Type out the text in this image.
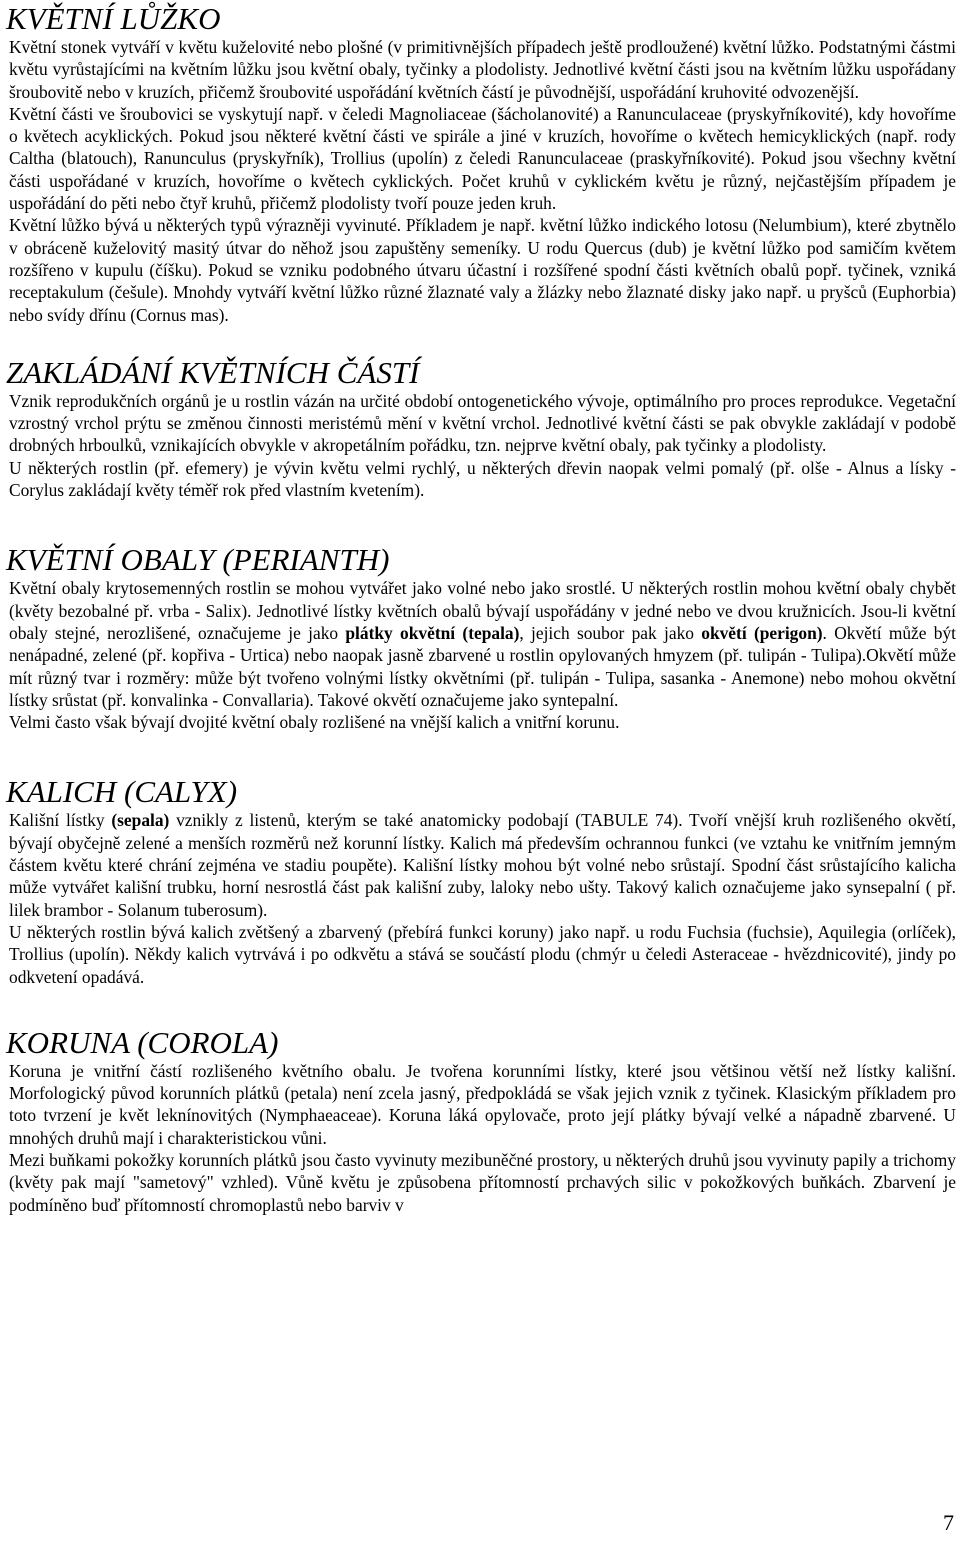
KVĚTNÍ LŮŽKO

Květní stonek vytváří v květu kuželovité nebo plošné (v primitivnějších případech ještě prodloužené) květní lůžko. Podstatnými částmi květu vyrůstajícími na květním lůžku jsou květní obaly, tyčinky a plodolisty. Jednotlivé květní části jsou na květním lůžku uspořádany šroubovitě nebo v kruzích, přičemž šroubovité uspořádání květních částí je původnější, uspořádání kruhovité odvozenější.

Květní části ve šroubovici se vyskytují např. v čeledi Magnoliaceae (šácholanovité) a Ranunculaceae (pryskyřníkovité), kdy hovoříme o květech acyklických. Pokud jsou některé květní části ve spirále a jiné v kruzích, hovoříme o květech hemicyklických (např. rody Caltha (blatouch), Ranunculus (pryskyřník), Trollius (upolín) z čeledi Ranunculaceae (praskyřníkovité). Pokud jsou všechny květní části uspořádané v kruzích, hovoříme o květech cyklických. Počet kruhů v cyklickém květu je různý, nejčastějším případem je uspořádání do pěti nebo čtyř kruhů, přičemž plodolisty tvoří pouze jeden kruh.

Květní lůžko bývá u některých typů výrazněji vyvinuté. Příkladem je např. květní lůžko indického lotosu (Nelumbium), které zbytnělo v obráceně kuželovitý masitý útvar do něhož jsou zapuštěny semeníky. U rodu Quercus (dub) je květní lůžko pod samičím květem rozšířeno v kupulu (číšku). Pokud se vzniku podobného útvaru účastní i rozšířené spodní části květních obalů popř. tyčinek, vzniká receptakulum (češule). Mnohdy vytváří květní lůžko různé žlaznaté valy a žlázky nebo žlaznaté disky jako např. u pryšců (Euphorbia) nebo svídy dřínu (Cornus mas).

ZAKLÁDÁNÍ KVĚTNÍCH ČÁSTÍ

Vznik reprodukčních orgánů je u rostlin vázán na určité období ontogenetického vývoje, optimálního pro proces reprodukce. Vegetační vzrostný vrchol prýtu se změnou činnosti meristémů mění v květní vrchol. Jednotlivé květní části se pak obvykle zakládají v podobě drobných hrboulků, vznikajících obvykle v akropetálním pořádku, tzn. nejprve květní obaly, pak tyčinky a plodolisty.

U některých rostlin (př. efemery) je vývin květu velmi rychlý, u některých dřevin naopak velmi pomalý (př. olše - Alnus a lísky - Corylus zakládají květy téměř rok před vlastním kvetením).

KVĚTNÍ OBALY (PERIANTH)

Květní obaly krytosemenných rostlin se mohou vytvářet jako volné nebo jako srostlé. U některých rostlin mohou květní obaly chybět (květy bezobalné př. vrba - Salix). Jednotlivé lístky květních obalů bývají uspořádány v jedné nebo ve dvou kružnicích. Jsou-li květní obaly stejné, nerozlišené, označujeme je jako plátky okvětní (tepala), jejich soubor pak jako okvětí (perigon). Okvětí může být nenápadné, zelené (př. kopřiva - Urtica) nebo naopak jasně zbarvené u rostlin opylovaných hmyzem (př. tulipán - Tulipa).Okvětí může mít různý tvar i rozměry: může být tvořeno volnými lístky okvětními (př. tulipán - Tulipa, sasanka - Anemone) nebo mohou okvětní lístky srůstat (př. konvalinka - Convallaria). Takové okvětí označujeme jako syntepalní.

Velmi často však bývají dvojité květní obaly rozlišené na vnější kalich a vnitřní korunu.

KALICH (CALYX)

Kališní lístky (sepala) vznikly z listenů, kterým se také anatomicky podobají (TABULE 74). Tvoří vnější kruh rozlišeného okvětí, bývají obyčejně zelené a menších rozměrů než korunní lístky. Kalich má především ochrannou funkci (ve vztahu ke vnitřním jemným částem květu které chrání zejména ve stadiu poupěte). Kališní lístky mohou být volné nebo srůstají. Spodní část srůstajícího kalicha může vytvářet kališní trubku, horní nesrostlá část pak kališní zuby, laloky nebo ušty. Takový kalich označujeme jako synsepalní ( př. lilek brambor - Solanum tuberosum).

U některých rostlin bývá kalich zvětšený a zbarvený (přebírá funkci koruny) jako např. u rodu Fuchsia (fuchsie), Aquilegia (orlíček), Trollius (upolín). Někdy kalich vytrvává i po odkvětu a stává se součástí plodu (chmýr u čeledi Asteraceae - hvězdnicovité), jindy po odkvetení opadává.

KORUNA (COROLA)

Koruna je vnitřní částí rozlišeného květního obalu. Je tvořena korunními lístky, které jsou většinou větší než lístky kališní. Morfologický původ korunních plátků (petala) není zcela jasný, předpokládá se však jejich vznik z tyčinek. Klasickým příkladem pro toto tvrzení je květ leknínovitých (Nymphaeaceae). Koruna láká opylovače, proto její plátky bývají velké a nápadně zbarvené. U mnohých druhů mají i charakteristickou vůni.

Mezi buňkami pokožky korunních plátků jsou často vyvinuty mezibuněčné prostory, u některých druhů jsou vyvinuty papily a trichomy (květy pak mají "sametový" vzhled). Vůně květu je způsobena přítomností prchavých silic v pokožkových buňkách. Zbarvení je podmíněno buď přítomností chromoplastů nebo barviv v

7
